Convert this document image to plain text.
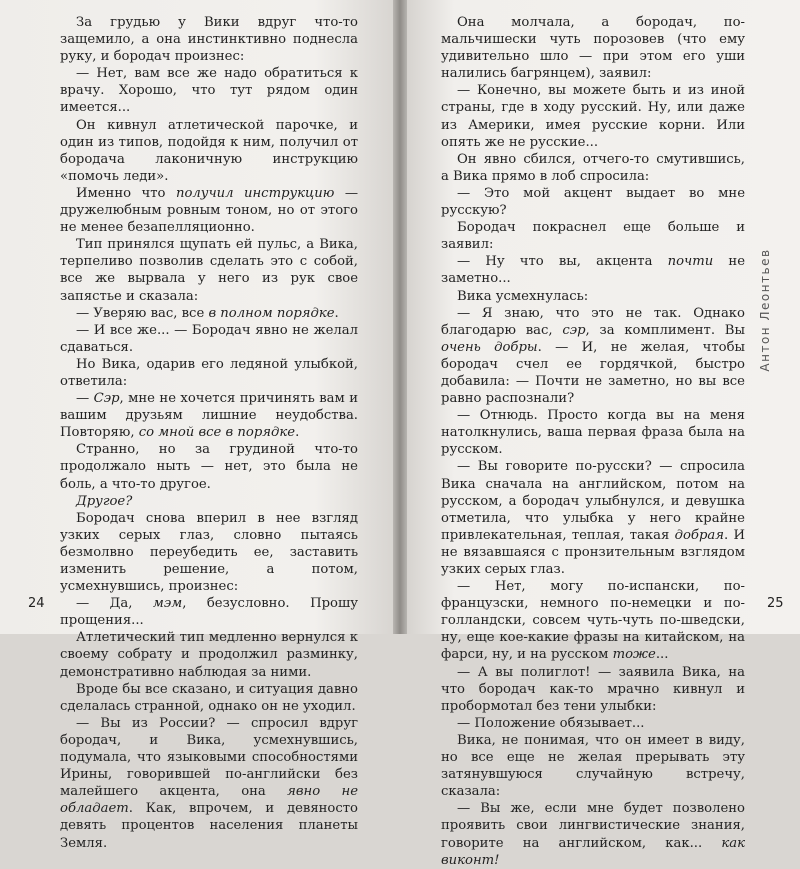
За грудью у Вики вдруг что-то защемило, а она инстинктивно поднесла руку, и бородач произнес:

— Нет, вам все же надо обратиться к врачу. Хорошо, что тут рядом один имеется...

Он кивнул атлетической парочке, и один из типов, подойдя к ним, получил от бородача лаконичную инструкцию «помочь леди».

Именно что получил инструкцию — дружелюбным ровным тоном, но от этого не менее безапелляционно.

Тип принялся щупать ей пульс, а Вика, терпеливо позволив сделать это с собой, все же вырвала у него из рук свое запястье и сказала:

— Уверяю вас, все в полном порядке.

— И все же... — Бородач явно не желал сдаваться.

Но Вика, одарив его ледяной улыбкой, ответила:

— Сэр, мне не хочется причинять вам и вашим друзьям лишние неудобства. Повторяю, со мной все в порядке.

Странно, но за грудиной что-то продолжало ныть — нет, это была не боль, а что-то другое.

Другое?

Бородач снова вперил в нее взгляд узких серых глаз, словно пытаясь безмолвно переубедить ее, заставить изменить решение, а потом, усмехнувшись, произнес:

— Да, мэм, безусловно. Прошу прощения...

Атлетический тип медленно вернулся к своему собрату и продолжил разминку, демонстративно наблюдая за ними.

Вроде бы все сказано, и ситуация давно сделалась странной, однако он не уходил.

— Вы из России? — спросил вдруг бородач, и Вика, усмехнувшись, подумала, что языковыми способностями Ирины, говорившей по-английски без малейшего акцента, она явно не обладает. Как, впрочем, и девяносто девять процентов населения планеты Земля.

24

Она молчала, а бородач, по-мальчишески чуть порозовев (что ему удивительно шло — при этом его уши налились багрянцем), заявил:

— Конечно, вы можете быть и из иной страны, где в ходу русский. Ну, или даже из Америки, имея русские корни. Или опять же не русские...

Он явно сбился, отчего-то смутившись, а Вика прямо в лоб спросила:

— Это мой акцент выдает во мне русскую?

Бородач покраснел еще больше и заявил:

— Ну что вы, акцента почти не заметно...

Вика усмехнулась:

— Я знаю, что это не так. Однако благодарю вас, сэр, за комплимент. Вы очень добры. — И, не желая, чтобы бородач счел ее гордячкой, быстро добавила: — Почти не заметно, но вы все равно распознали?

— Отнюдь. Просто когда вы на меня натолкнулись, ваша первая фраза была на русском.

— Вы говорите по-русски? — спросила Вика сначала на английском, потом на русском, а бородач улыбнулся, и девушка отметила, что улыбка у него крайне привлекательная, теплая, такая добрая. И не вязавшаяся с пронзительным взглядом узких серых глаз.

— Нет, могу по-испански, по-французски, немного по-немецки и по-голландски, совсем чуть-чуть по-шведски, ну, еще кое-какие фразы на китайском, на фарси, ну, и на русском тоже...

— А вы полиглот! — заявила Вика, на что бородач как-то мрачно кивнул и пробормотал без тени улыбки:

— Положение обязывает...

Вика, не понимая, что он имеет в виду, но все еще не желая прерывать эту затянувшуюся случайную встречу, сказала:

— Вы же, если мне будет позволено проявить свои лингвистические знания, говорите на английском, как... как виконт!

Антон Леонтьев
25
